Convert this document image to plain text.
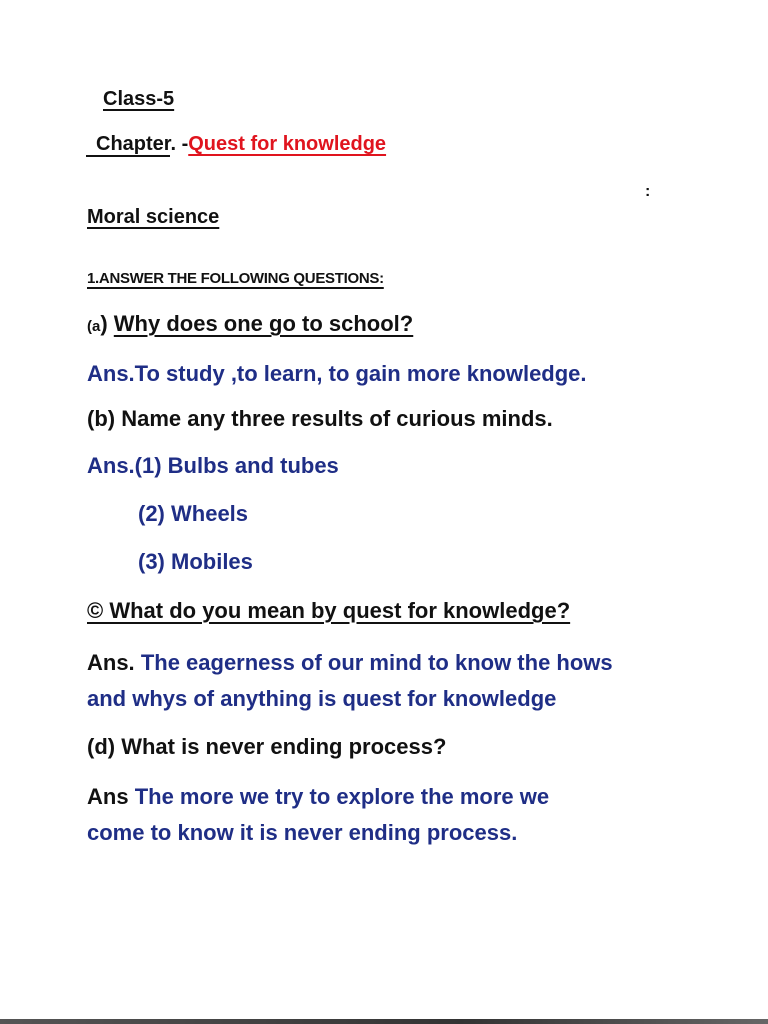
Class-5
Chapter. -Quest for knowledge
:
Moral science
1.ANSWER THE FOLLOWING QUESTIONS:
(a) Why does one go to school?
Ans.To study ,to learn, to gain more knowledge.
(b) Name any three results of curious minds.
Ans.(1) Bulbs and tubes
(2) Wheels
(3) Mobiles
© What do you mean by quest for knowledge?
Ans. The eagerness of our mind to know the hows
and whys of anything is quest for knowledge
(d) What is never ending process?
Ans The more we try to explore the more we
come to know it is never ending process.
